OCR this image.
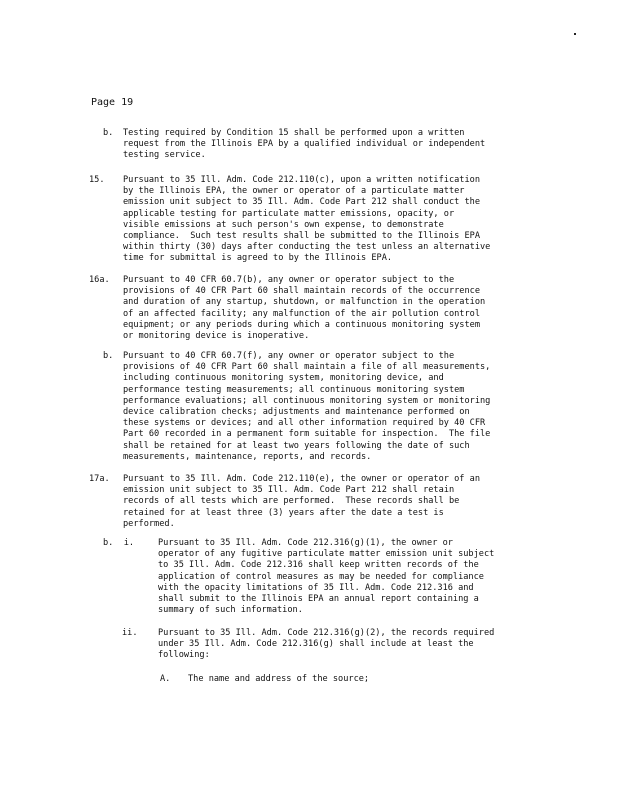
Page 19

b.

Testing required by Condition 15 shall be performed upon a written
request from the Illinois EPA by a qualified individual or independent
testing service.

15.

Pursuant to 35 Ill. Adm. Code 212.110(c), upon a written notification
by the Illinois EPA, the owner or operator of a particulate matter
emission unit subject to 35 Ill. Adm. Code Part 212 shall conduct the
applicable testing for particulate matter emissions, opacity, or
visible emissions at such person's own expense, to demonstrate
compliance.  Such test results shall be submitted to the Illinois EPA
within thirty (30) days after conducting the test unless an alternative
time for submittal is agreed to by the Illinois EPA.

16a.

Pursuant to 40 CFR 60.7(b), any owner or operator subject to the
provisions of 40 CFR Part 60 shall maintain records of the occurrence
and duration of any startup, shutdown, or malfunction in the operation
of an affected facility; any malfunction of the air pollution control
equipment; or any periods during which a continuous monitoring system
or monitoring device is inoperative.

b.

Pursuant to 40 CFR 60.7(f), any owner or operator subject to the
provisions of 40 CFR Part 60 shall maintain a file of all measurements,
including continuous monitoring system, monitoring device, and
performance testing measurements; all continuous monitoring system
performance evaluations; all continuous monitoring system or monitoring
device calibration checks; adjustments and maintenance performed on
these systems or devices; and all other information required by 40 CFR
Part 60 recorded in a permanent form suitable for inspection.  The file
shall be retained for at least two years following the date of such
measurements, maintenance, reports, and records.

17a.

Pursuant to 35 Ill. Adm. Code 212.110(e), the owner or operator of an
emission unit subject to 35 Ill. Adm. Code Part 212 shall retain
records of all tests which are performed.  These records shall be
retained for at least three (3) years after the date a test is
performed.

b.  i.

	Pursuant to 35 Ill. Adm. Code 212.316(g)(1), the owner or
operator of any fugitive particulate matter emission unit subject
to 35 Ill. Adm. Code 212.316 shall keep written records of the
application of control measures as may be needed for compliance
with the opacity limitations of 35 Ill. Adm. Code 212.316 and
shall submit to the Illinois EPA an annual report containing a
summary of such information.

ii.

Pursuant to 35 Ill. Adm. Code 212.316(g)(2), the records required
under 35 Ill. Adm. Code 212.316(g) shall include at least the
following:

A.

The name and address of the source;
